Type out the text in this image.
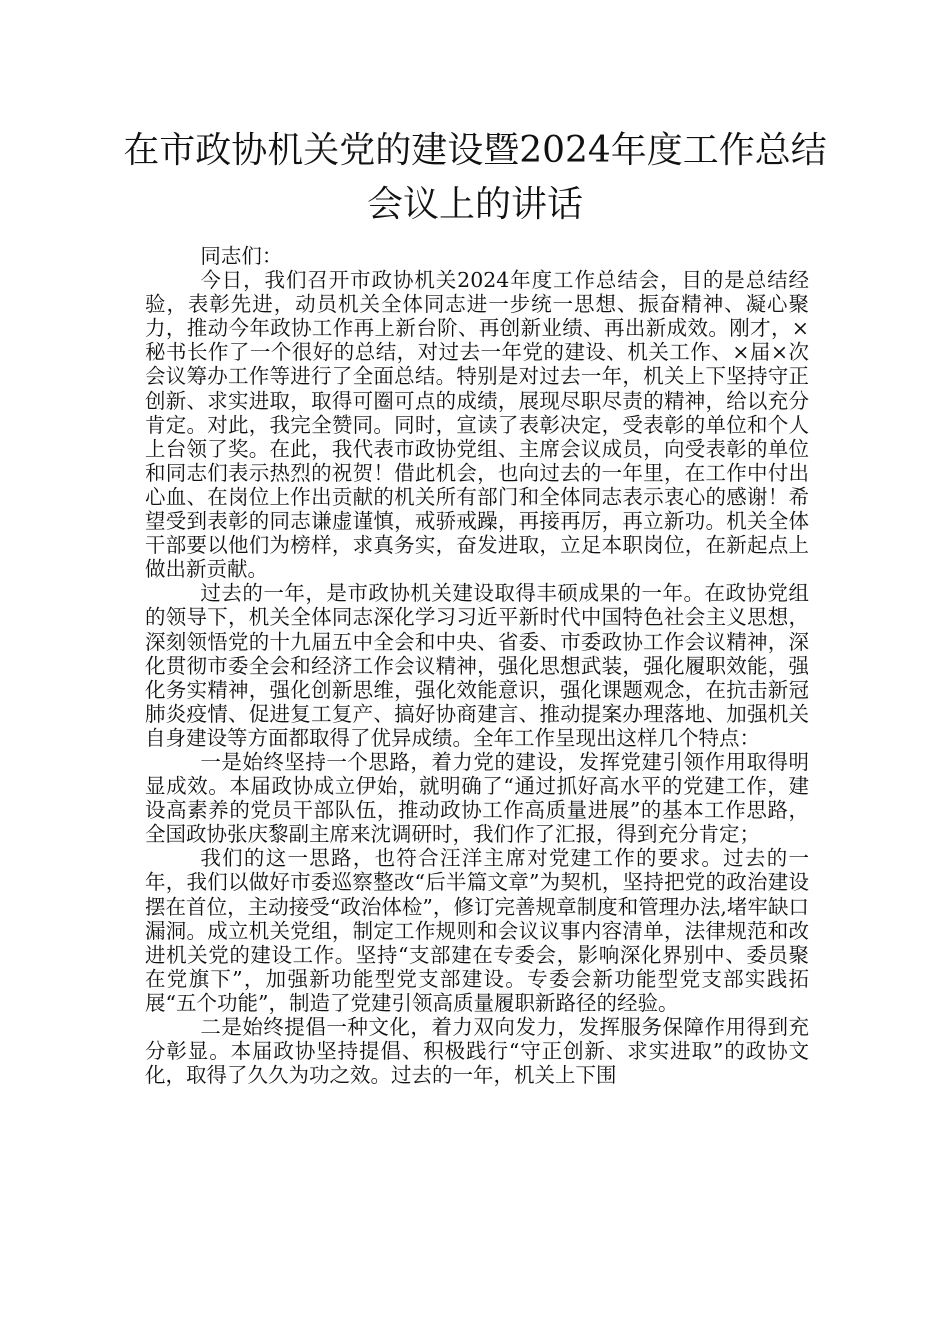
在市政协机关党的建设暨2024年度工作总结会议上的讲话

同志们：

今日，我们召开市政协机关2024年度工作总结会，目的是总结经验，表彰先进，动员机关全体同志进一步统一思想、振奋精神、凝心聚力，推动今年政协工作再上新台阶、再创新业绩、再出新成效。刚才，×秘书长作了一个很好的总结，对过去一年党的建设、机关工作、×届×次会议筹办工作等进行了全面总结。特别是对过去一年，机关上下坚持守正创新、求实进取，取得可圈可点的成绩，展现尽职尽责的精神，给以充分肯定。对此，我完全赞同。同时，宣读了表彰决定，受表彰的单位和个人上台领了奖。在此，我代表市政协党组、主席会议成员，向受表彰的单位和同志们表示热烈的祝贺！借此机会，也向过去的一年里，在工作中付出心血、在岗位上作出贡献的机关所有部门和全体同志表示衷心的感谢！希望受到表彰的同志谦虚谨慎，戒骄戒躁，再接再厉，再立新功。机关全体干部要以他们为榜样，求真务实，奋发进取，立足本职岗位，在新起点上做出新贡献。

过去的一年，是市政协机关建设取得丰硕成果的一年。在政协党组的领导下，机关全体同志深化学习习近平新时代中国特色社会主义思想，深刻领悟党的十九届五中全会和中央、省委、市委政协工作会议精神，深化贯彻市委全会和经济工作会议精神，强化思想武装，强化履职效能，强化务实精神，强化创新思维，强化效能意识，强化课题观念，在抗击新冠肺炎疫情、促进复工复产、搞好协商建言、推动提案办理落地、加强机关自身建设等方面都取得了优异成绩。全年工作呈现出这样几个特点：

一是始终坚持一个思路，着力党的建设，发挥党建引领作用取得明显成效。本届政协成立伊始，就明确了“通过抓好高水平的党建工作，建设高素养的党员干部队伍，推动政协工作高质量进展”的基本工作思路，全国政协张庆黎副主席来沈调研时，我们作了汇报，得到充分肯定；

我们的这一思路，也符合汪洋主席对党建工作的要求。过去的一年，我们以做好市委巡察整改“后半篇文章”为契机，坚持把党的政治建设摆在首位，主动接受“政治体检”，修订完善规章制度和管理办法,堵牢缺口漏洞。成立机关党组，制定工作规则和会议议事内容清单，法律规范和改进机关党的建设工作。坚持“支部建在专委会，影响深化界别中、委员聚在党旗下”，加强新功能型党支部建设。专委会新功能型党支部实践拓展“五个功能”，制造了党建引领高质量履职新路径的经验。

二是始终提倡一种文化，着力双向发力，发挥服务保障作用得到充分彰显。本届政协坚持提倡、积极践行“守正创新、求实进取”的政协文化，取得了久久为功之效。过去的一年，机关上下围
